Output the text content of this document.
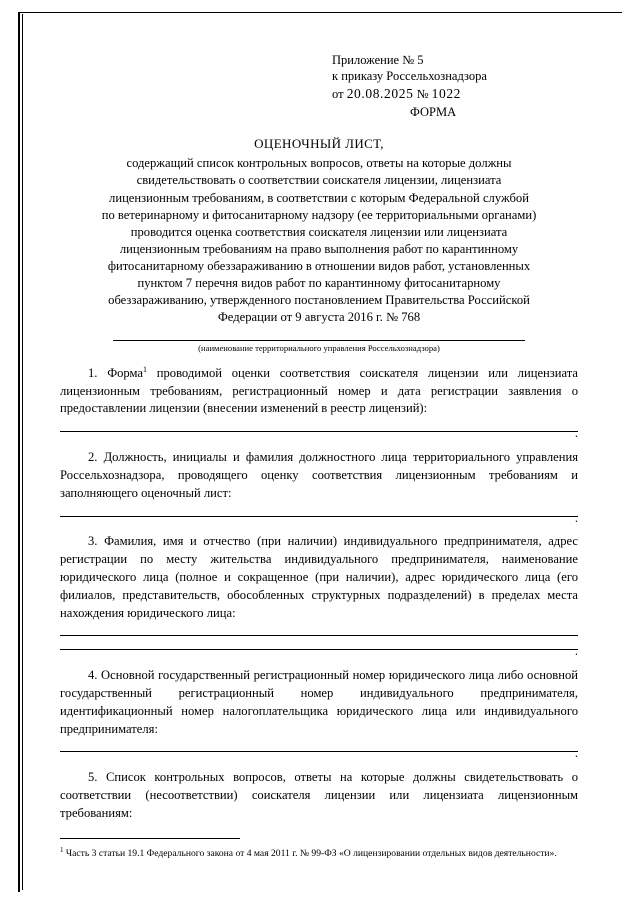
Приложение № 5
к приказу Россельхознадзора
от 20.08.2025 № 1022
ФОРМА
ОЦЕНОЧНЫЙ ЛИСТ,
содержащий список контрольных вопросов, ответы на которые должны
свидетельствовать о соответствии соискателя лицензии, лицензиата
лицензионным требованиям, в соответствии с которым Федеральной службой
по ветеринарному и фитосанитарному надзору (ее территориальными органами)
проводится оценка соответствия соискателя лицензии или лицензиата
лицензионным требованиям на право выполнения работ по карантинному
фитосанитарному обеззараживанию в отношении видов работ, установленных
пунктом 7 перечня видов работ по карантинному фитосанитарному
обеззараживанию, утвержденного постановлением Правительства Российской
Федерации от 9 августа 2016 г. № 768
(наименование территориального управления Россельхознадзора)
1. Форма$^1$ проводимой оценки соответствия соискателя лицензии или лицензиата лицензионным требованиям, регистрационный номер и дата регистрации заявления о предоставлении лицензии (внесении изменений в реестр лицензий):
.
2. Должность, инициалы и фамилия должностного лица территориального управления Россельхознадзора, проводящего оценку соответствия лицензионным требованиям и заполняющего оценочный лист:
.
3. Фамилия, имя и отчество (при наличии) индивидуального предпринимателя, адрес регистрации по месту жительства индивидуального предпринимателя, наименование юридического лица (полное и сокращенное (при наличии), адрес юридического лица (его филиалов, представительств, обособленных структурных подразделений) в пределах места нахождения юридического лица:
.
4. Основной государственный регистрационный номер юридического лица либо основной государственный регистрационный номер индивидуального предпринимателя, идентификационный номер налогоплательщика юридического лица или индивидуального предпринимателя:
.
5. Список контрольных вопросов, ответы на которые должны свидетельствовать о соответствии (несоответствии) соискателя лицензии или лицензиата лицензионным требованиям:
$^1$ Часть 3 статьи 19.1 Федерального закона от 4 мая 2011 г. № 99-ФЗ «О лицензировании отдельных видов деятельности».
